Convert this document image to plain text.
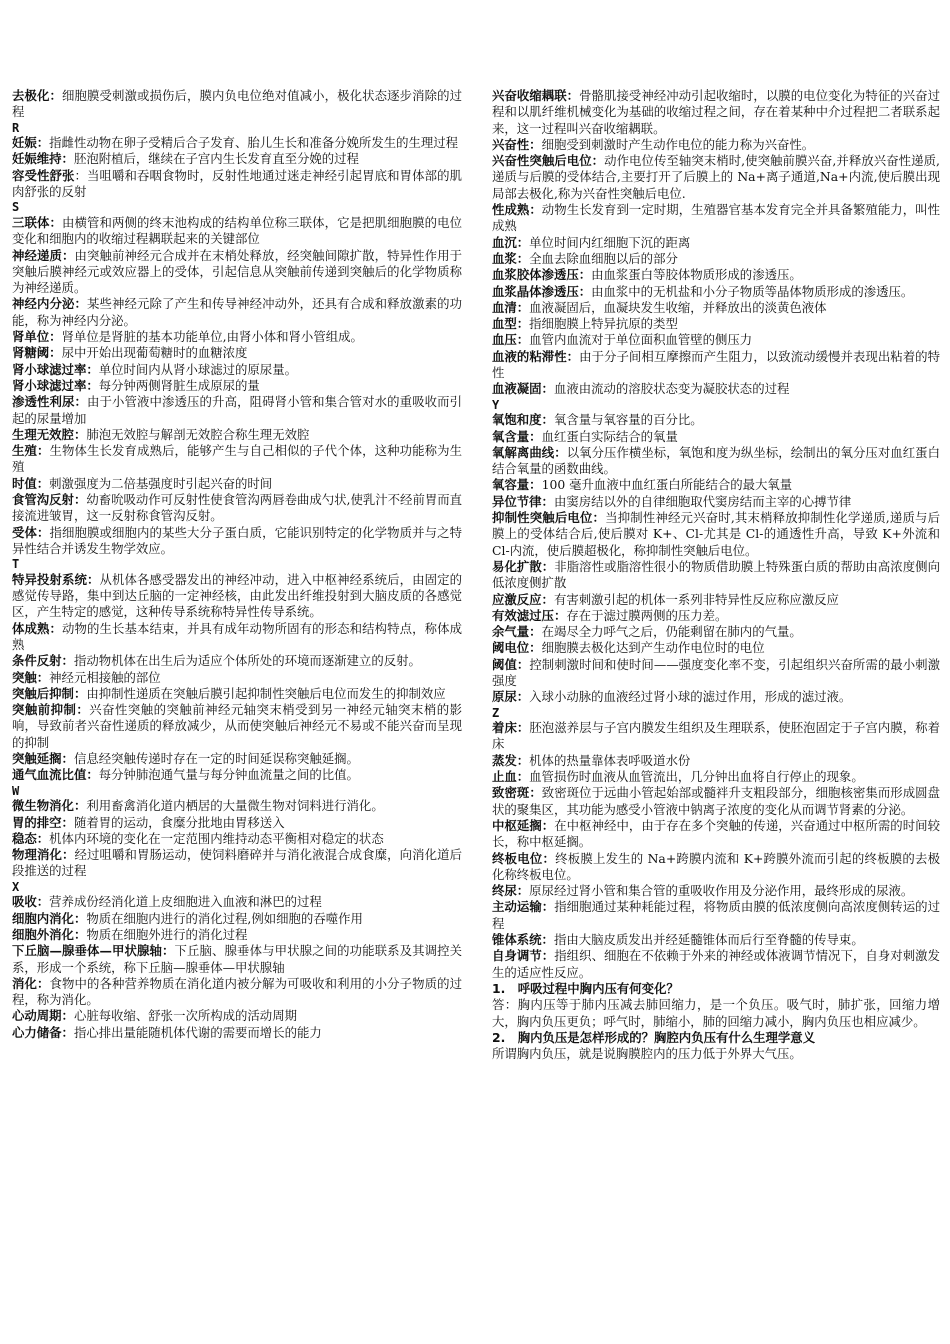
去极化：细胞膜受刺激或损伤后，膜内负电位绝对值减小，极化状态逐步消除的过程
R
妊娠：指雌性动物在卵子受精后合子发育、胎儿生长和准备分娩所发生的生理过程
妊娠维持：胚泡附植后，继续在子宫内生长发育直至分娩的过程
容受性舒张：当咀嚼和吞咽食物时，反射性地通过迷走神经引起胃底和胃体部的肌肉舒张的反射
S
三联体：由横管和两侧的终末池构成的结构单位称三联体，它是把肌细胞膜的电位变化和细胞内的收缩过程耦联起来的关键部位
神经递质：由突触前神经元合成并在末梢处释放，经突触间隙扩散，特异性作用于突触后膜神经元或效应器上的受体，引起信息从突触前传递到突触后的化学物质称为神经递质。
神经内分泌：某些神经元除了产生和传导神经冲动外，还具有合成和释放激素的功能，称为神经内分泌。
肾单位：肾单位是肾脏的基本功能单位,由肾小体和肾小管组成。
肾糖阈：尿中开始出现葡萄糖时的血糖浓度
肾小球滤过率：单位时间内从肾小球滤过的原尿量。
肾小球滤过率：每分钟两侧肾脏生成原尿的量
渗透性利尿：由于小管液中渗透压的升高，阻碍肾小管和集合管对水的重吸收而引起的尿量增加
生理无效腔：肺泡无效腔与解剖无效腔合称生理无效腔
生殖：生物体生长发育成熟后，能够产生与自己相似的子代个体，这种功能称为生殖
时值：刺激强度为二倍基强度时引起兴奋的时间
食管沟反射：幼畜吮吸动作可反射性使食管沟两唇卷曲成勺状,使乳汁不经前胃而直接流进皱胃，这一反射称食管沟反射。
受体：指细胞膜或细胞内的某些大分子蛋白质，它能识别特定的化学物质并与之特异性结合并诱发生物学效应。
T
特异投射系统：从机体各感受器发出的神经冲动，进入中枢神经系统后，由固定的感觉传导路，集中到达丘脑的一定神经核，由此发出纤维投射到大脑皮质的各感觉区，产生特定的感觉，这种传导系统称特异性传导系统。
体成熟：动物的生长基本结束，并具有成年动物所固有的形态和结构特点，称体成熟
条件反射：指动物机体在出生后为适应个体所处的环境而逐渐建立的反射。
突触：神经元相接触的部位
突触后抑制：由抑制性递质在突触后膜引起抑制性突触后电位而发生的抑制效应
突触前抑制：兴奋性突触的突触前神经元轴突末梢受到另一神经元轴突末梢的影响，导致前者兴奋性递质的释放减少，从而使突触后神经元不易或不能兴奋而呈现的抑制
突触延搁：信息经突触传递时存在一定的时间延误称突触延搁。
通气血流比值：每分钟肺泡通气量与每分钟血流量之间的比值。
W
微生物消化：利用畜禽消化道内栖居的大量微生物对饲料进行消化。
胃的排空：随着胃的运动，食糜分批地由胃移送入
稳态：机体内环境的变化在一定范围内维持动态平衡相对稳定的状态
物理消化：经过咀嚼和胃肠运动，使饲料磨碎并与消化液混合成食糜，向消化道后段推送的过程
X
吸收：营养成份经消化道上皮细胞进入血液和淋巴的过程
细胞内消化：物质在细胞内进行的消化过程,例如细胞的吞噬作用
细胞外消化：物质在细胞外进行的消化过程
下丘脑—腺垂体—甲状腺轴：下丘脑、腺垂体与甲状腺之间的功能联系及其调控关系，形成一个系统，称下丘脑—腺垂体—甲状腺轴
消化：食物中的各种营养物质在消化道内被分解为可吸收和利用的小分子物质的过程，称为消化。
心动周期：心脏每收缩、舒张一次所构成的活动周期
心力储备：指心排出量能随机体代谢的需要而增长的能力
兴奋收缩耦联：骨骼肌接受神经冲动引起收缩时，以膜的电位变化为特征的兴奋过程和以肌纤维机械变化为基础的收缩过程之间，存在着某种中介过程把二者联系起来，这一过程叫兴奋收缩耦联。
兴奋性：细胞受到刺激时产生动作电位的能力称为兴奋性。
兴奋性突触后电位：动作电位传至轴突末梢时,使突触前膜兴奋,并释放兴奋性递质,递质与后膜的受体结合,主要打开了后膜上的 Na+离子通道,Na+内流,使后膜出现局部去极化,称为兴奋性突触后电位.
性成熟：动物生长发育到一定时期，生殖器官基本发育完全并具备繁殖能力，叫性成熟
血沉：单位时间内红细胞下沉的距离
血浆：全血去除血细胞以后的部分
血浆胶体渗透压：由血浆蛋白等胶体物质形成的渗透压。
血浆晶体渗透压：由血浆中的无机盐和小分子物质等晶体物质形成的渗透压。
血清：血液凝固后，血凝块发生收缩，并释放出的淡黄色液体
血型：指细胞膜上特异抗原的类型
血压：血管内血流对于单位面积血管壁的侧压力
血液的粘滞性：由于分子间相互摩擦而产生阻力，以致流动缓慢并表现出粘着的特性
血液凝固：血液由流动的溶胶状态变为凝胶状态的过程
Y
氧饱和度：氧含量与氧容量的百分比。
氧含量：血红蛋白实际结合的氧量
氧解离曲线：以氧分压作横坐标，氧饱和度为纵坐标，绘制出的氧分压对血红蛋白结合氧量的函数曲线。
氧容量：100 毫升血液中血红蛋白所能结合的最大氧量
异位节律：由窦房结以外的自律细胞取代窦房结而主宰的心搏节律
抑制性突触后电位：当抑制性神经元兴奋时,其末梢释放抑制性化学递质,递质与后膜上的受体结合后,使后膜对 K+、Cl-尤其是 Cl-的通透性升高，导致 K+外流和 Cl-内流，使后膜超极化，称抑制性突触后电位。
易化扩散：非脂溶性或脂溶性很小的物质借助膜上特殊蛋白质的帮助由高浓度侧向低浓度侧扩散
应激反应：有害刺激引起的机体一系列非特异性反应称应激反应
有效滤过压：存在于滤过膜两侧的压力差。
余气量：在竭尽全力呼气之后，仍能剩留在肺内的气量。
阈电位：细胞膜去极化达到产生动作电位时的电位
阈值：控制刺激时间和使时间——强度变化率不变，引起组织兴奋所需的最小刺激强度
原尿：入球小动脉的血液经过肾小球的滤过作用，形成的滤过液。
Z
着床：胚泡滋养层与子宫内膜发生组织及生理联系，使胚泡固定于子宫内膜，称着床
蒸发：机体的热量靠体表呼吸道水份
止血：血管损伤时血液从血管流出，几分钟出血将自行停止的现象。
致密斑：致密斑位于远曲小管起始部或髓袢升支粗段部分，细胞核密集而形成圆盘状的聚集区，其功能为感受小管液中钠离子浓度的变化从而调节肾素的分泌。
中枢延搁：在中枢神经中，由于存在多个突触的传递，兴奋通过中枢所需的时间较长，称中枢延搁。
终板电位：终板膜上发生的 Na+跨膜内流和 K+跨膜外流而引起的终板膜的去极化称终板电位。
终尿：原尿经过肾小管和集合管的重吸收作用及分泌作用，最终形成的尿液。
主动运输：指细胞通过某种耗能过程，将物质由膜的低浓度侧向高浓度侧转运的过程
锥体系统：指由大脑皮质发出并经延髓锥体而后行至脊髓的传导束。
自身调节：指组织、细胞在不依赖于外来的神经或体液调节情况下，自身对刺激发生的适应性反应。
1.　呼吸过程中胸内压有何变化？
答：胸内压等于肺内压减去肺回缩力，是一个负压。吸气时，肺扩张，回缩力增大，胸内负压更负；呼气时，肺缩小，肺的回缩力减小，胸内负压也相应减少。
2.　胸内负压是怎样形成的？胸腔内负压有什么生理学意义
所谓胸内负压，就是说胸膜腔内的压力低于外界大气压。
